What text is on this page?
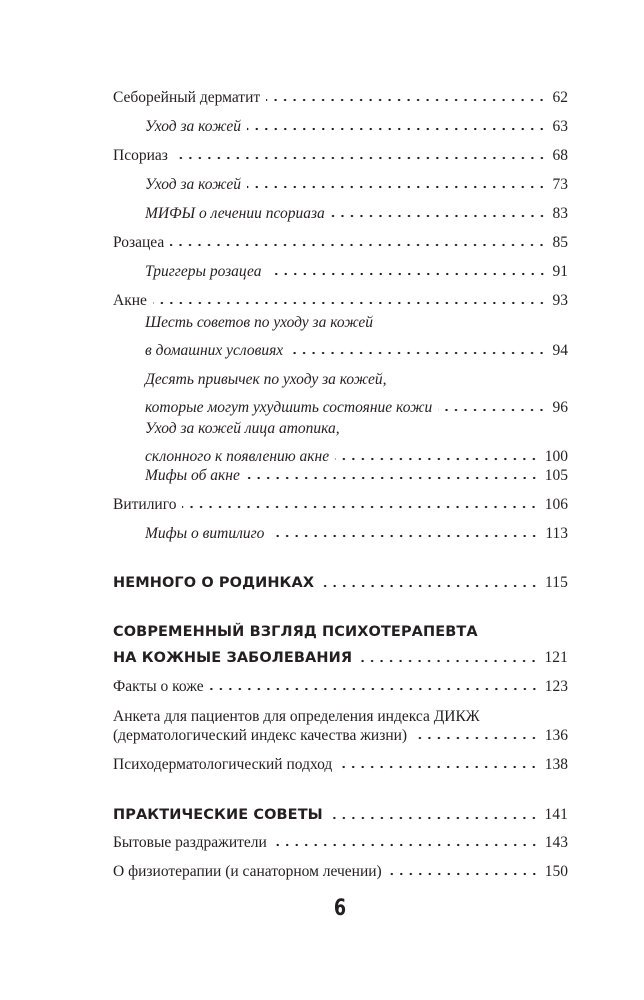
Себорейный дерматит	62
Уход за кожей	63
Псориаз	68
Уход за кожей	73
МИФЫ о лечении псориаза	83
Розацеа	85
Триггеры розацеа	91
Акне	93
Шесть советов по уходу за кожей
в домашних условиях	94
Десять привычек по уходу за кожей,
которые могут ухудшить состояние кожи	96
Уход за кожей лица атопика,
склонного к появлению акне	100
Мифы об акне	105
Витилиго	106
Мифы о витилиго	113
НЕМНОГО О РОДИНКАХ	115
СОВРЕМЕННЫЙ ВЗГЛЯД ПСИХОТЕРАПЕВТА
НА КОЖНЫЕ ЗАБОЛЕВАНИЯ	121
Факты о коже	123
Анкета для пациентов для определения индекса ДИКЖ
(дерматологический индекс качества жизни)	136
Психодерматологический подход	138
ПРАКТИЧЕСКИЕ СОВЕТЫ	141
Бытовые раздражители	143
О физиотерапии (и санаторном лечении)	150
6
